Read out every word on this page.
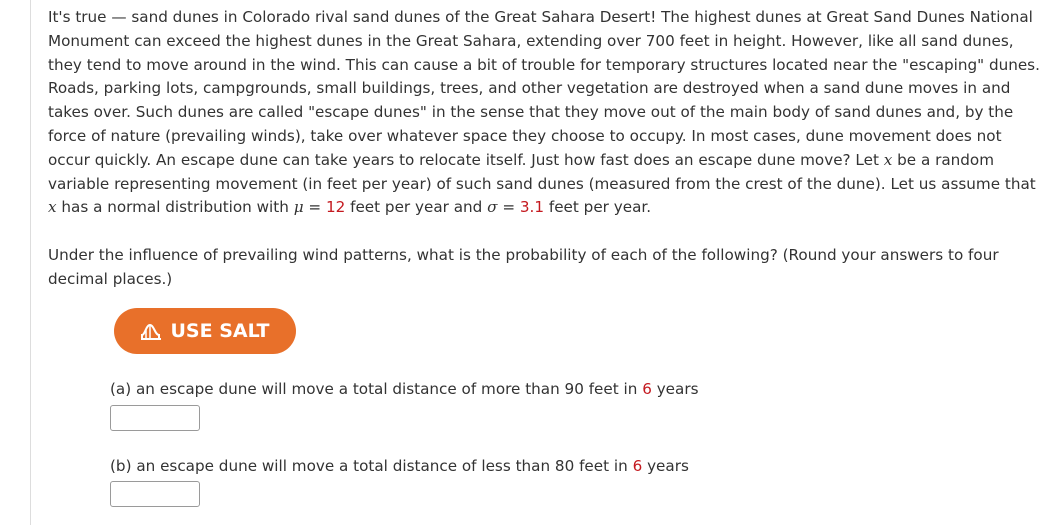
It's true — sand dunes in Colorado rival sand dunes of the Great Sahara Desert! The highest dunes at Great Sand Dunes National
Monument can exceed the highest dunes in the Great Sahara, extending over 700 feet in height. However, like all sand dunes,
they tend to move around in the wind. This can cause a bit of trouble for temporary structures located near the "escaping" dunes.
Roads, parking lots, campgrounds, small buildings, trees, and other vegetation are destroyed when a sand dune moves in and
takes over. Such dunes are called "escape dunes" in the sense that they move out of the main body of sand dunes and, by the
force of nature (prevailing winds), take over whatever space they choose to occupy. In most cases, dune movement does not
occur quickly. An escape dune can take years to relocate itself. Just how fast does an escape dune move? Let x be a random
variable representing movement (in feet per year) of such sand dunes (measured from the crest of the dune). Let us assume that
x has a normal distribution with μ = 12 feet per year and σ = 3.1 feet per year.

Under the influence of prevailing wind patterns, what is the probability of each of the following? (Round your answers to four
decimal places.)
USE SALT
(a) an escape dune will move a total distance of more than 90 feet in 6 years
(b) an escape dune will move a total distance of less than 80 feet in 6 years
